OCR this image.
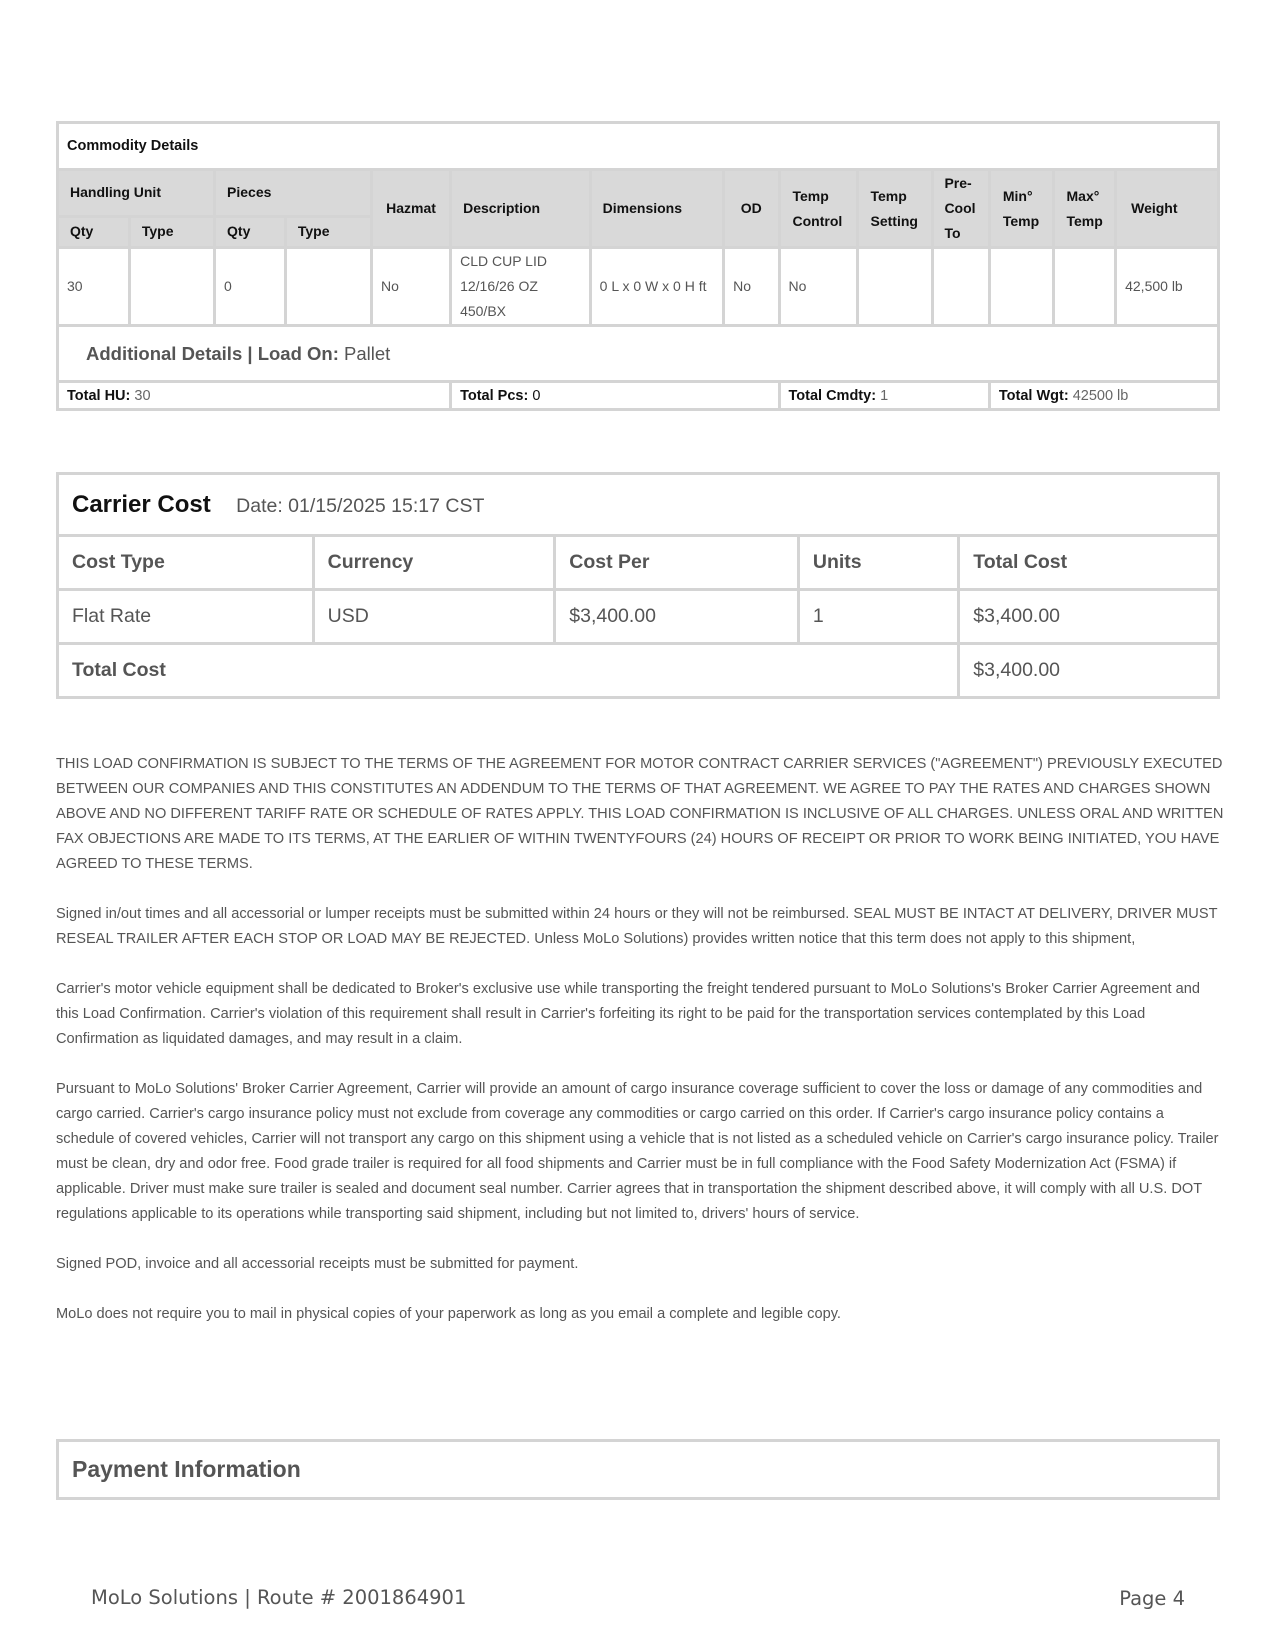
Commodity Details													
Handling Unit		Pieces		Hazmat	Description	Dimensions	OD	Temp Control	Temp Setting	Pre-Cool To	Min° Temp	Max° Temp	Weight
Qty	Type	Qty	Type										
30		0		No	CLD CUP LID 12/16/26 OZ 450/BX	0 L x 0 W x 0 H ft	No	No					42,500 lb
Additional Details | Load On: Pallet													
Total HU: 30					Total Pcs: 0			Total Cmdty: 1			Total Wgt: 42500 lb		
Carrier Cost Date: 01/15/2025 15:17 CST				
Cost Type	Currency	Cost Per	Units	Total Cost
Flat Rate	USD	$3,400.00	1	$3,400.00
Total Cost				$3,400.00

THIS LOAD CONFIRMATION IS SUBJECT TO THE TERMS OF THE AGREEMENT FOR MOTOR CONTRACT CARRIER SERVICES ("AGREEMENT") PREVIOUSLY EXECUTED BETWEEN OUR COMPANIES AND THIS CONSTITUTES AN ADDENDUM TO THE TERMS OF THAT AGREEMENT. WE AGREE TO PAY THE RATES AND CHARGES SHOWN ABOVE AND NO DIFFERENT TARIFF RATE OR SCHEDULE OF RATES APPLY. THIS LOAD CONFIRMATION IS INCLUSIVE OF ALL CHARGES. UNLESS ORAL AND WRITTEN FAX OBJECTIONS ARE MADE TO ITS TERMS, AT THE EARLIER OF WITHIN TWENTYFOURS (24) HOURS OF RECEIPT OR PRIOR TO WORK BEING INITIATED, YOU HAVE AGREED TO THESE TERMS.

Signed in/out times and all accessorial or lumper receipts must be submitted within 24 hours or they will not be reimbursed. SEAL MUST BE INTACT AT DELIVERY, DRIVER MUST RESEAL TRAILER AFTER EACH STOP OR LOAD MAY BE REJECTED. Unless MoLo Solutions) provides written notice that this term does not apply to this shipment,

Carrier's motor vehicle equipment shall be dedicated to Broker's exclusive use while transporting the freight tendered pursuant to MoLo Solutions's Broker Carrier Agreement and this Load Confirmation. Carrier's violation of this requirement shall result in Carrier's forfeiting its right to be paid for the transportation services contemplated by this Load Confirmation as liquidated damages, and may result in a claim.

Pursuant to MoLo Solutions' Broker Carrier Agreement, Carrier will provide an amount of cargo insurance coverage sufficient to cover the loss or damage of any commodities and cargo carried. Carrier's cargo insurance policy must not exclude from coverage any commodities or cargo carried on this order. If Carrier's cargo insurance policy contains a schedule of covered vehicles, Carrier will not transport any cargo on this shipment using a vehicle that is not listed as a scheduled vehicle on Carrier's cargo insurance policy. Trailer must be clean, dry and odor free. Food grade trailer is required for all food shipments and Carrier must be in full compliance with the Food Safety Modernization Act (FSMA) if applicable. Driver must make sure trailer is sealed and document seal number. Carrier agrees that in transportation the shipment described above, it will comply with all U.S. DOT regulations applicable to its operations while transporting said shipment, including but not limited to, drivers' hours of service.

Signed POD, invoice and all accessorial receipts must be submitted for payment.

MoLo does not require you to mail in physical copies of your paperwork as long as you email a complete and legible copy.

Payment Information
MoLo Solutions | Route # 2001864901	Page 4
